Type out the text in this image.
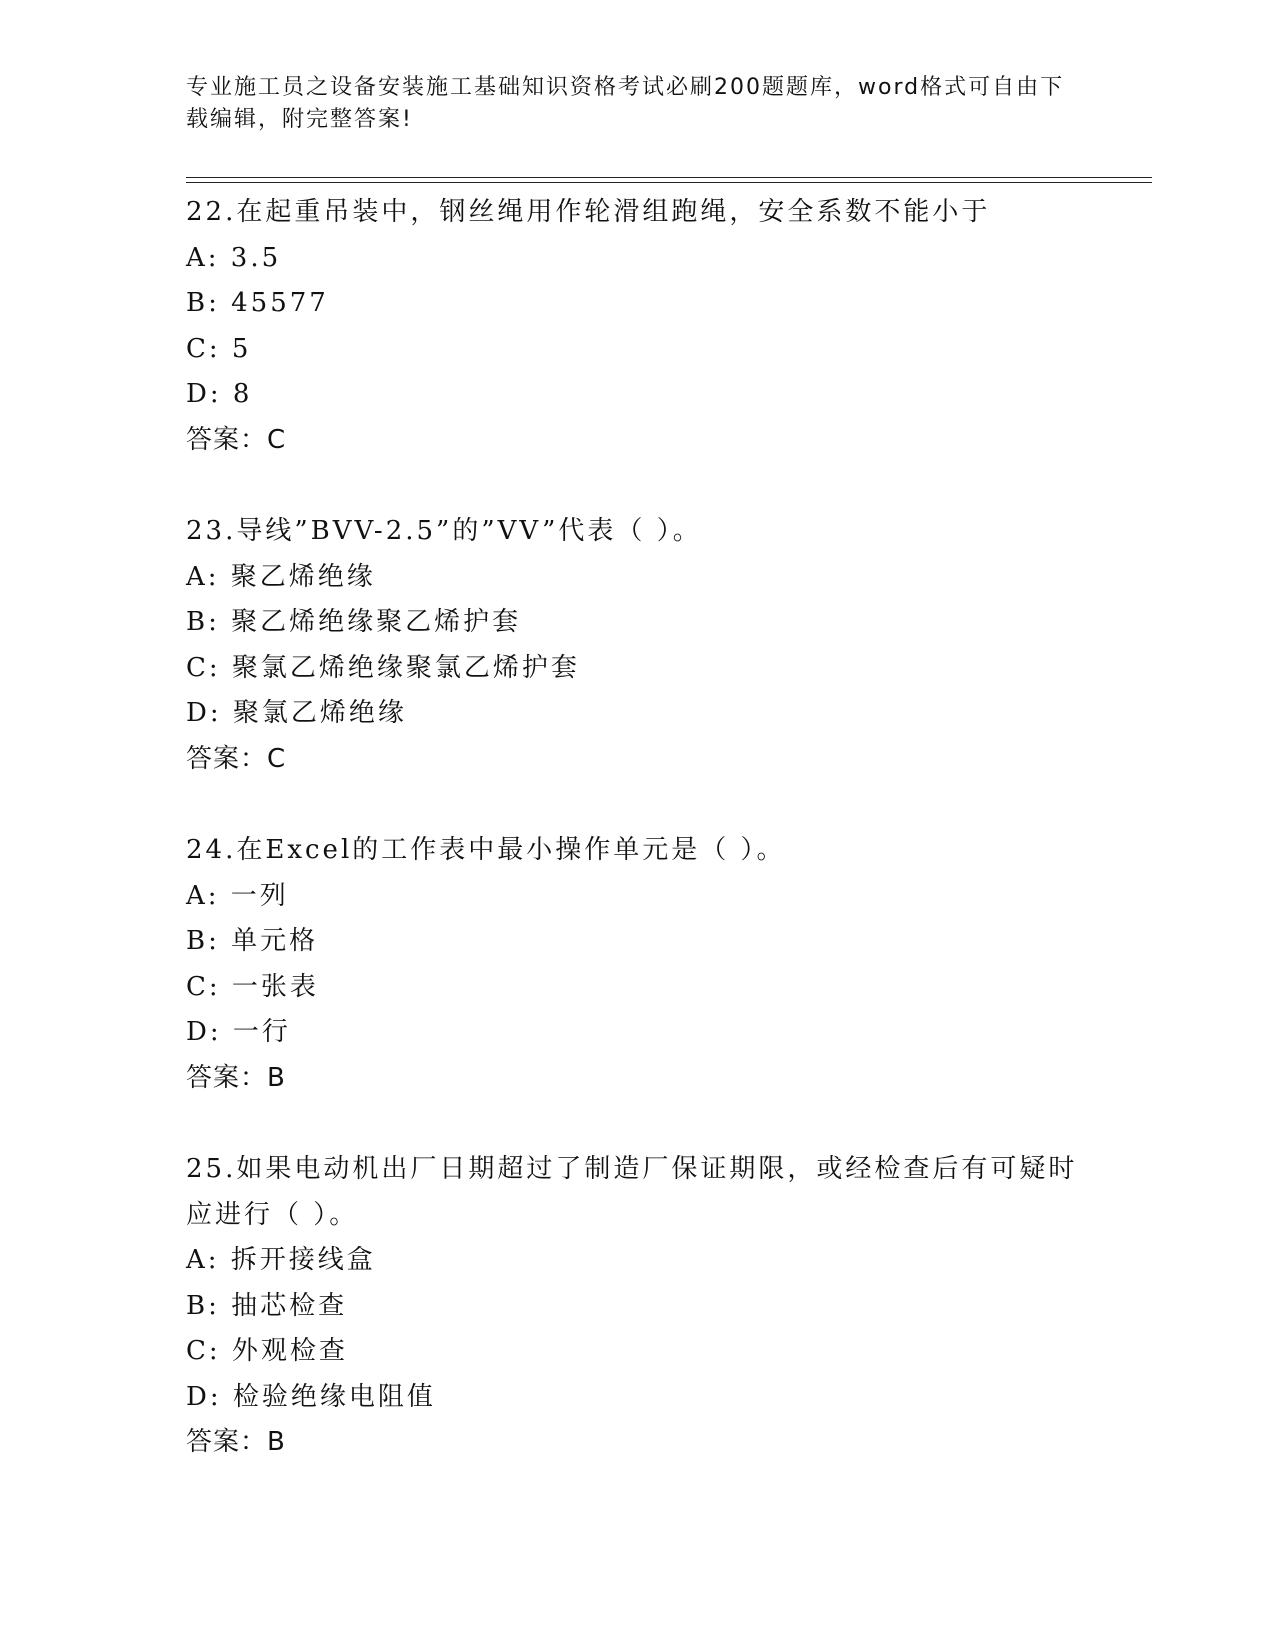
专业施工员之设备安装施工基础知识资格考试必刷200题题库，word格式可自由下载编辑，附完整答案!
22.在起重吊装中，钢丝绳用作轮滑组跑绳，安全系数不能小于
A: 3.5
B: 45577
C: 5
D: 8
答案：C
23.导线”BVV-2.5”的”VV”代表（ ）。
A: 聚乙烯绝缘
B: 聚乙烯绝缘聚乙烯护套
C: 聚氯乙烯绝缘聚氯乙烯护套
D: 聚氯乙烯绝缘
答案：C
24.在Excel的工作表中最小操作单元是（ ）。
A: 一列
B: 单元格
C: 一张表
D: 一行
答案：B
25.如果电动机出厂日期超过了制造厂保证期限，或经检查后有可疑时应进行（ ）。
A: 拆开接线盒
B: 抽芯检查
C: 外观检查
D: 检验绝缘电阻值
答案：B
